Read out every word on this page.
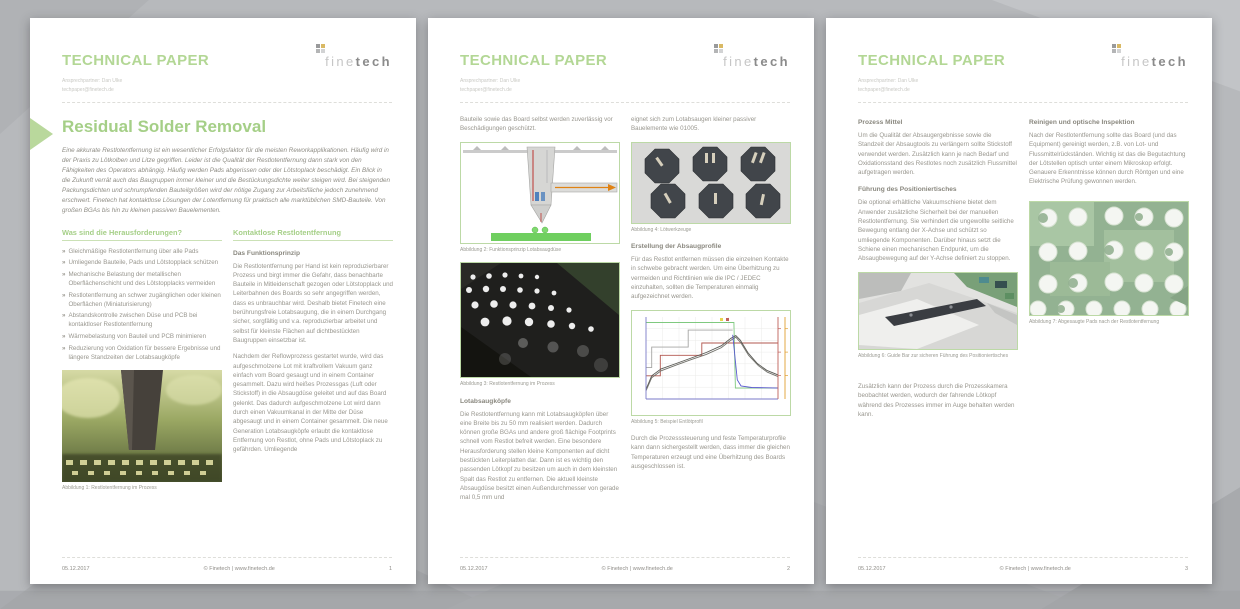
TECHNICAL PAPER	finetech
Ansprechpartner: Dan Ulke
techpaper@finetech.de
Residual Solder Removal
Eine akkurate Restlotentfernung ist ein wesentlicher Erfolgsfaktor für die meisten Reworkapplikationen. Häufig wird in der Praxis zu Lötkolben und Litze gegriffen. Leider ist die Qualität der Restlotentfernung dann stark von den Fähigkeiten des Operators abhängig. Häufig werden Pads abgerissen oder der Lötstoplack beschädigt. Ein Blick in die Zukunft verrät auch das Baugruppen immer kleiner und die Bestückungsdichte weiter steigen wird. Bei steigenden Packungsdichten und schrumpfenden Bauteilgrößen wird der nötige Zugang zur Arbeitsfläche jedoch zunehmend erschwert. Finetech hat kontaktlose Lösungen der Lotentfernung für praktisch alle marktüblichen SMD-Bauteile. Von großen BGAs bis hin zu kleinen passiven Bauelementen.
Was sind die Herausforderungen?
» Gleichmäßige Restlotentfernung über alle Pads
» Umliegende Bauteile, Pads und Lötstopplack schützen
» Mechanische Belastung der metallischen Oberflächenschicht und des Lötstopplacks vermeiden
» Restlotentfernung an schwer zugänglichen oder kleinen Oberflächen (Miniaturisierung)
» Abstandskontrolle zwischen Düse und PCB bei kontaktloser Restlotentfernung
» Wärmebelastung von Bauteil und PCB minimieren
» Reduzierung von Oxidation für bessere Ergebnisse und längere Standzeiten der Lotabsaugköpfe
Abbildung 1: Restlotentfernung im Prozess
Kontaktlose Restlotentfernung
Das Funktionsprinzip

Die Restlotentfernung per Hand ist kein reproduzierbarer Prozess und birgt immer die Gefahr, dass benachbarte Bauteile in Mitleidenschaft gezogen oder Lötstopplack und Leiterbahnen des Boards so sehr angegriffen werden, dass es unbrauchbar wird. Deshalb bietet Finetech eine berührungsfreie Lotabsaugung, die in einem Durchgang sicher, sorgfältig und v.a. reproduzierbar arbeitet und selbst für kleinste Flächen auf dichtbestückten Baugruppen einsetzbar ist.

Nachdem der Reflowprozess gestartet wurde, wird das aufgeschmolzene Lot mit kraftvollem Vakuum ganz einfach vom Board gesaugt und in einem Container gesammelt. Dazu wird heißes Prozessgas (Luft oder Stickstoff) in die Absaugdüse geleitet und auf das Board gelenkt. Das dadurch aufgeschmolzene Lot wird dann durch einen Vakuumkanal in der Mitte der Düse abgesaugt und in einem Container gesammelt. Die neue Generation Lotabsaugköpfe erlaubt die kontaktlose Entfernung von Restlot, ohne Pads und Lötstoplack zu gefährden. Umliegende

05.12.2017	© Finetech | www.finetech.de	1
TECHNICAL PAPER	finetech
Ansprechpartner: Dan Ulke
techpaper@finetech.de

Bauteile sowie das Board selbst werden zuverlässig vor Beschädigungen geschützt.

Abbildung 2: Funktionsprinzip Lotabsaugdüse
Abbildung 3: Restlotentfernung im Prozess
Lotabsaugköpfe

Die Restlotentfernung kann mit Lotabsaugköpfen über eine Breite bis zu 50 mm realisiert werden. Dadurch können große BGAs und andere groß flächige Footprints schnell vom Restlot befreit werden. Eine besondere Herausforderung stellen kleine Komponenten auf dicht bestückten Leiterplatten dar. Dann ist es wichtig den passenden Lötkopf zu besitzen um auch in dem kleinsten Spalt das Restlot zu entfernen. Die aktuell kleinste Absaugdüse besitzt einen Außendurchmesser von gerade mal 0,5 mm und

eignet sich zum Lotabsaugen kleiner passiver Bauelemente wie 01005.

Abbildung 4: Lötwerkzeuge
Erstellung der Absaugprofile

Für das Restlot entfernen müssen die einzelnen Kontakte in schwebe gebracht werden. Um eine Überhitzung zu vermeiden und Richtlinien wie die IPC / JEDEC einzuhalten, sollten die Temperaturen einmalig aufgezeichnet werden.

Abbildung 5: Beispiel Entlötprofil

Durch die Prozesssteuerung und feste Temperaturprofile kann dann sichergestellt werden, dass immer die gleichen Temperaturen erzeugt und eine Überhitzung des Boards ausgeschlossen ist.

05.12.2017	© Finetech | www.finetech.de	2
TECHNICAL PAPER	finetech
Ansprechpartner: Dan Ulke
techpaper@finetech.de
Prozess Mittel

Um die Qualität der Absaugergebnisse sowie die Standzeit der Absaugtools zu verlängern sollte Stickstoff verwendet werden. Zusätzlich kann je nach Bedarf und Oxidationsstand des Restlotes noch zusätzlich Flussmittel aufgetragen werden.

Führung des Positioniertisches

Die optional erhältliche Vakuumschiene bietet dem Anwender zusätzliche Sicherheit bei der manuellen Restlotentfernung. Sie verhindert die ungewollte seitliche Bewegung entlang der X-Achse und schützt so umliegende Komponenten. Darüber hinaus setzt die Schiene einen mechanischen Endpunkt, um die Absaugbewegung auf der Y-Achse definiert zu stoppen.

Abbildung 6: Guide Bar zur sicheren Führung des Positioniertisches

Zusätzlich kann der Prozess durch die Prozesskamera beobachtet werden, wodurch der fahrende Lötkopf während des Prozesses immer im Auge behalten werden kann.

Reinigen und optische Inspektion

Nach der Restlotentfernung sollte das Board (und das Equipment) gereinigt werden, z.B. von Lot- und Flussmittelrückständen. Wichtig ist das die Begutachtung der Lötstellen optisch unter einem Mikroskop erfolgt. Genauere Erkenntnisse können durch Röntgen und eine Elektrische Prüfung gewonnen werden.

Abbildung 7: Abgesaugte Pads nach der Restlotentfernung
05.12.2017	© Finetech | www.finetech.de	3
